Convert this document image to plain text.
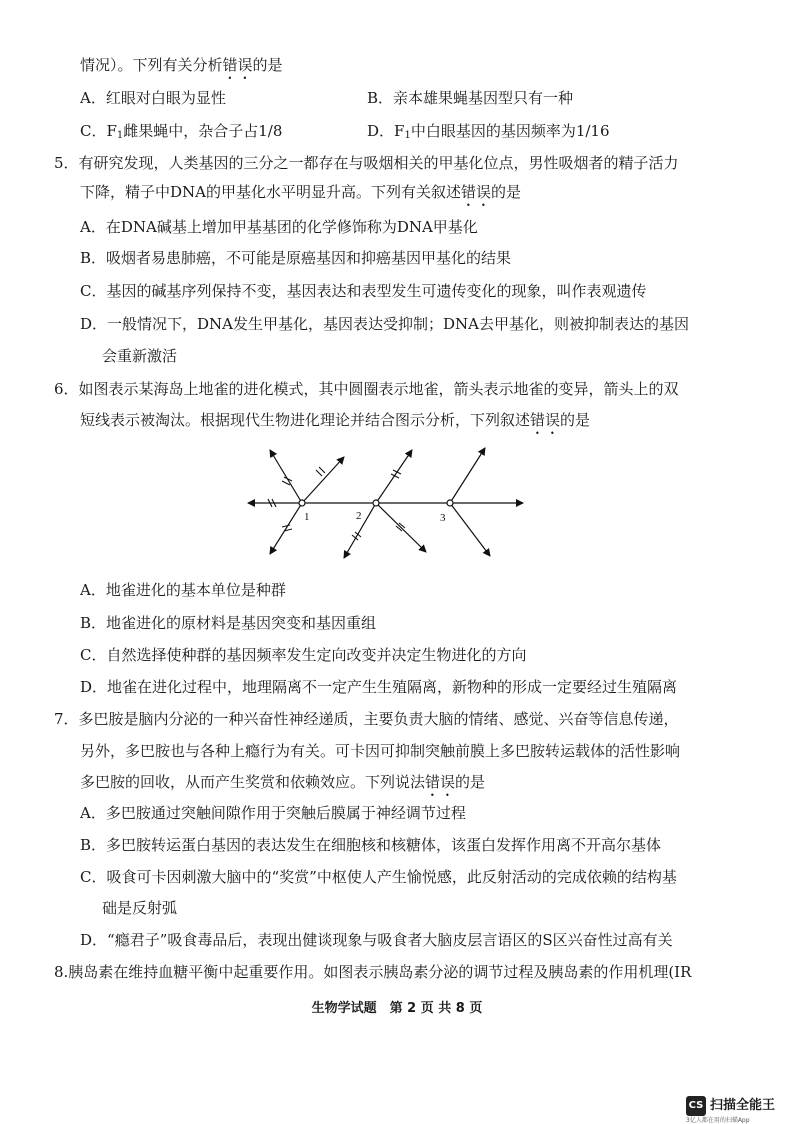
情况）。下列有关分析错误的是
A．红眼对白眼为显性	B．亲本雄果蝇基因型只有一种
C．$F_1$雌果蝇中，杂合子占1/8	D．$F_1$中白眼基因的基因频率为1/16
5．有研究发现，人类基因的三分之一都存在与吸烟相关的甲基化位点，男性吸烟者的精子活力
下降，精子中DNA的甲基化水平明显升高。下列有关叙述错误的是
A．在DNA碱基上增加甲基基团的化学修饰称为DNA甲基化
B．吸烟者易患肺癌，不可能是原癌基因和抑癌基因甲基化的结果
C．基因的碱基序列保持不变，基因表达和表型发生可遗传变化的现象，叫作表观遗传
D．一般情况下，DNA发生甲基化，基因表达受抑制；DNA去甲基化，则被抑制表达的基因
会重新激活
6．如图表示某海岛上地雀的进化模式，其中圆圈表示地雀，箭头表示地雀的变异，箭头上的双
短线表示被淘汰。根据现代生物进化理论并结合图示分析，下列叙述错误的是
1	2	3
A．地雀进化的基本单位是种群
B．地雀进化的原材料是基因突变和基因重组
C．自然选择使种群的基因频率发生定向改变并决定生物进化的方向
D．地雀在进化过程中，地理隔离不一定产生生殖隔离，新物种的形成一定要经过生殖隔离
7．多巴胺是脑内分泌的一种兴奋性神经递质，主要负责大脑的情绪、感觉、兴奋等信息传递，
另外，多巴胺也与各种上瘾行为有关。可卡因可抑制突触前膜上多巴胺转运载体的活性影响
多巴胺的回收，从而产生奖赏和依赖效应。下列说法错误的是
A．多巴胺通过突触间隙作用于突触后膜属于神经调节过程
B．多巴胺转运蛋白基因的表达发生在细胞核和核糖体，该蛋白发挥作用离不开高尔基体
C．吸食可卡因刺激大脑中的“奖赏”中枢使人产生愉悦感，此反射活动的完成依赖的结构基
础是反射弧
D．“瘾君子”吸食毒品后，表现出健谈现象与吸食者大脑皮层言语区的S区兴奋性过高有关
8.胰岛素在维持血糖平衡中起重要作用。如图表示胰岛素分泌的调节过程及胰岛素的作用机理(IR
生物学试题　第 2 页 共 8 页
CS 扫描全能王
3亿人都在用的扫描App
